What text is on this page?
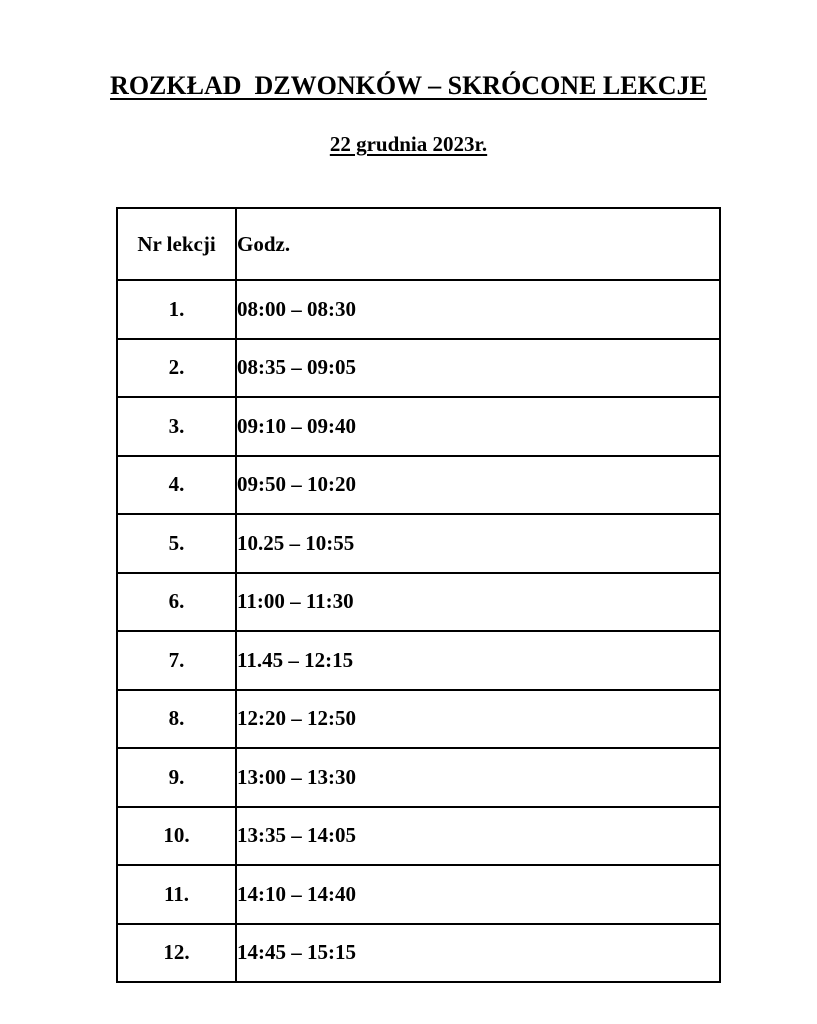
ROZKŁAD  DZWONKÓW – SKRÓCONE LEKCJE
22 grudnia 2023r.
Nr lekcji	Godz.
1.	08:00 – 08:30
2.	08:35 – 09:05
3.	09:10 – 09:40
4.	09:50 – 10:20
5.	10.25 – 10:55
6.	11:00 – 11:30
7.	11.45 – 12:15
8.	12:20 – 12:50
9.	13:00 – 13:30
10.	13:35 – 14:05
11.	14:10 – 14:40
12.	14:45 – 15:15
